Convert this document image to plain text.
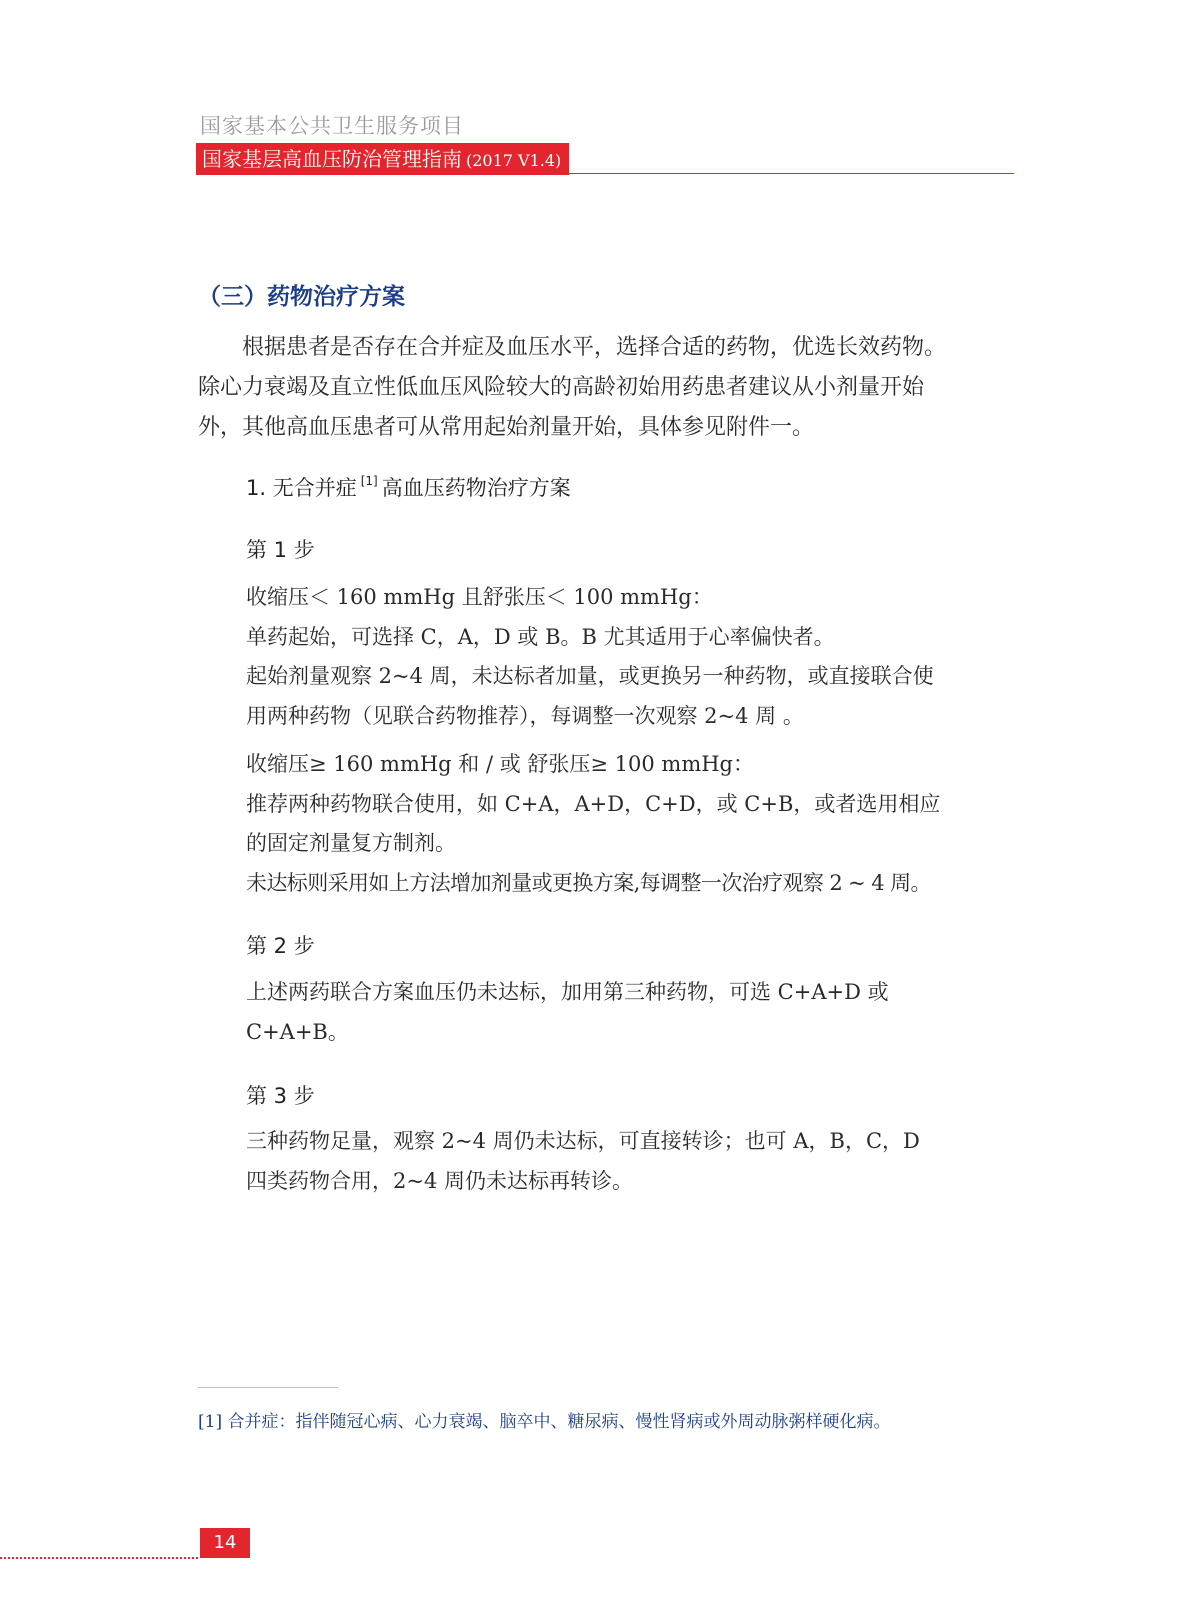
国家基本公共卫生服务项目
国家基层高血压防治管理指南 (2017 V1.4)
（三）药物治疗方案

根据患者是否存在合并症及血压水平，选择合适的药物，优选长效药物。

除心力衰竭及直立性低血压风险较大的高龄初始用药患者建议从小剂量开始

外，其他高血压患者可从常用起始剂量开始，具体参见附件一。

1. 无合并症 [1] 高血压药物治疗方案
第 1 步

收缩压＜ 160 mmHg 且舒张压＜ 100 mmHg：

单药起始，可选择 C，A，D 或 B。B 尤其适用于心率偏快者。

起始剂量观察 2~4 周，未达标者加量，或更换另一种药物，或直接联合使

用两种药物（见联合药物推荐），每调整一次观察 2~4 周 。

收缩压≥ 160 mmHg 和 / 或 舒张压≥ 100 mmHg：

推荐两种药物联合使用，如 C+A，A+D，C+D，或 C+B，或者选用相应

的固定剂量复方制剂。

未达标则采用如上方法增加剂量或更换方案,每调整一次治疗观察 2 ~ 4 周。

第 2 步

上述两药联合方案血压仍未达标，加用第三种药物，可选 C+A+D 或

C+A+B。

第 3 步

三种药物足量，观察 2~4 周仍未达标，可直接转诊；也可 A，B，C，D

四类药物合用，2~4 周仍未达标再转诊。

[1] 合并症：指伴随冠心病、心力衰竭、脑卒中、糖尿病、慢性肾病或外周动脉粥样硬化病。
14
